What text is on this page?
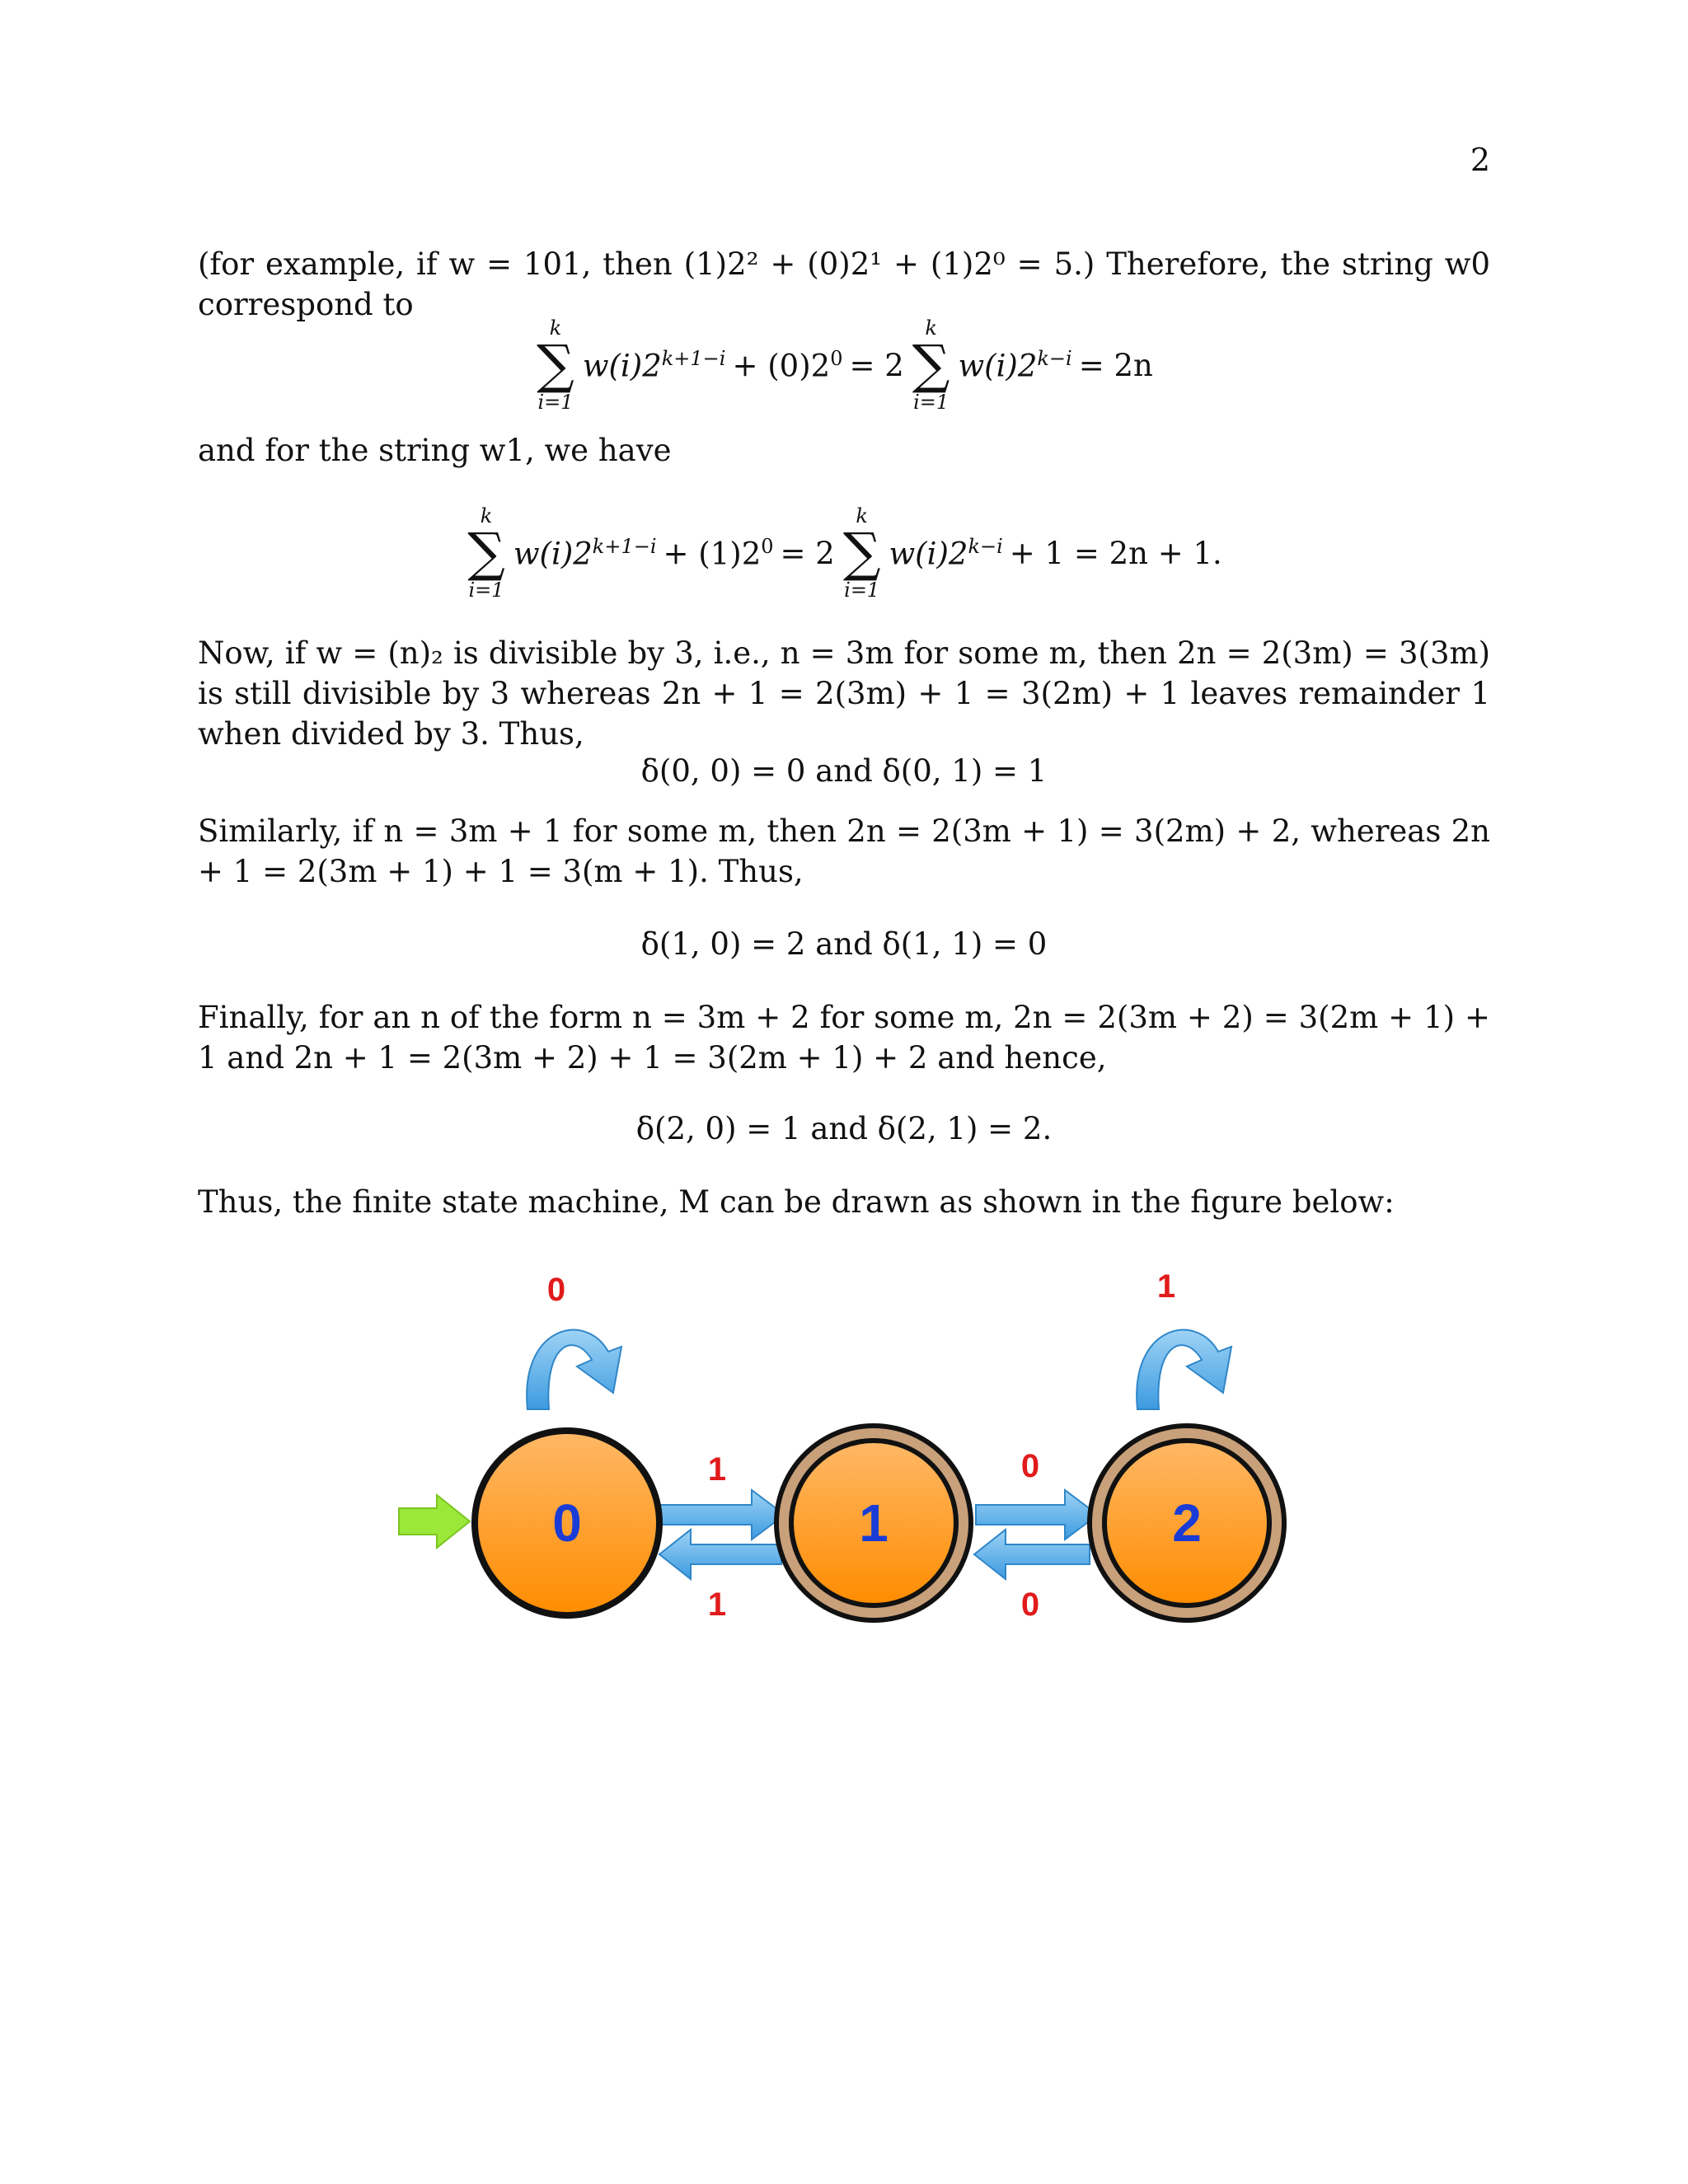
2
(for example, if w = 101, then (1)2² + (0)2¹ + (1)2⁰ = 5.) Therefore, the string w0 correspond to
k
∑
i=1
$w(i)2^{k+1-i} + (0)2^0 = 2$
k
∑
i=1
$w(i)2^{k-i} = 2n$
and for the string w1, we have
k
∑
i=1
$w(i)2^{k+1-i} + (1)2^0 = 2$
k
∑
i=1
$w(i)2^{k-i} + 1 = 2n + 1$.
Now, if w = (n)₂ is divisible by 3, i.e., n = 3m for some m, then 2n = 2(3m) = 3(3m) is still divisible by 3 whereas 2n + 1 = 2(3m) + 1 = 3(2m) + 1 leaves remainder 1 when divided by 3. Thus,
δ(0, 0) = 0 and δ(0, 1) = 1
Similarly, if n = 3m + 1 for some m, then 2n = 2(3m + 1) = 3(2m) + 2, whereas 2n + 1 = 2(3m + 1) + 1 = 3(m + 1). Thus,
δ(1, 0) = 2 and δ(1, 1) = 0
Finally, for an n of the form n = 3m + 2 for some m, 2n = 2(3m + 2) = 3(2m + 1) + 1 and 2n + 1 = 2(3m + 2) + 1 = 3(2m + 1) + 2 and hence,
δ(2, 0) = 1 and δ(2, 1) = 2.
Thus, the finite state machine, M can be drawn as shown in the figure below:
0	1
1
1
0
0
0	1	2
